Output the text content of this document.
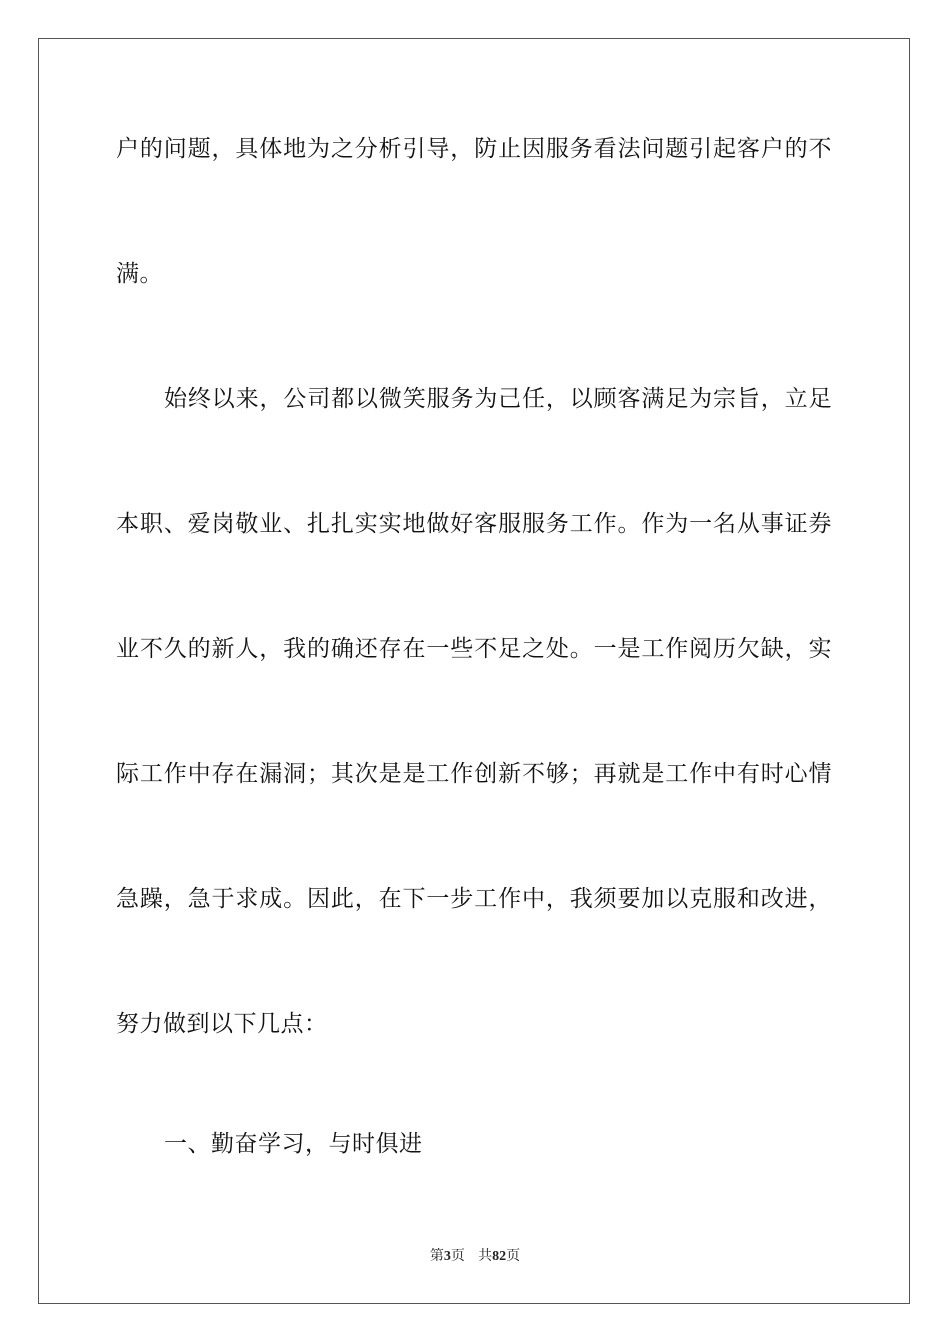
户的问题，具体地为之分析引导，防止因服务看法问题引起客户的不
满。
始终以来，公司都以微笑服务为己任，以顾客满足为宗旨，立足
本职、爱岗敬业、扎扎实实地做好客服服务工作。作为一名从事证券
业不久的新人，我的确还存在一些不足之处。一是工作阅历欠缺，实
际工作中存在漏洞；其次是是工作创新不够；再就是工作中有时心情
急躁，急于求成。因此，在下一步工作中，我须要加以克服和改进，
努力做到以下几点：
一、勤奋学习，与时俱进
第3页 共82页
